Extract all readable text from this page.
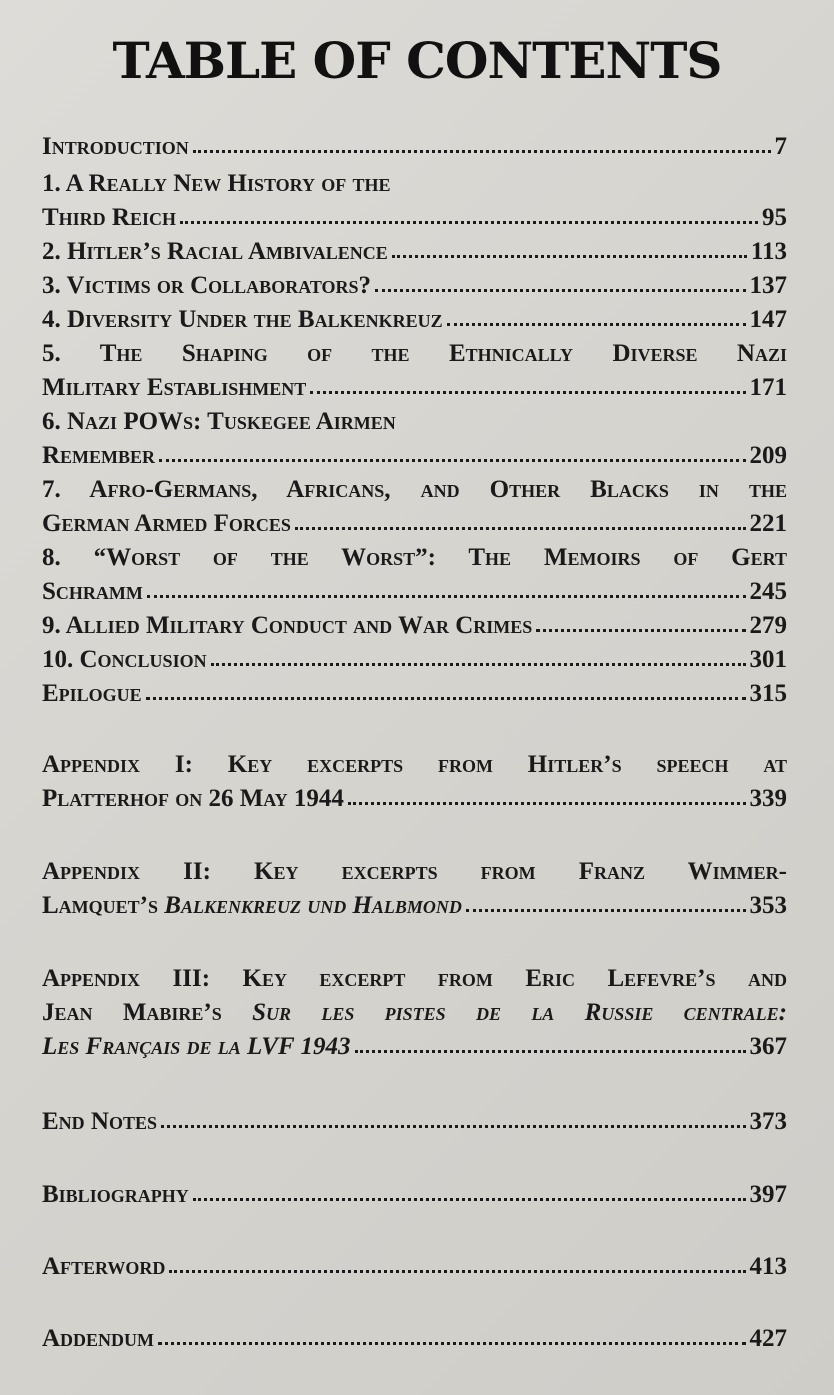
TABLE OF CONTENTS
Introduction	7
1. A Really New History of the
Third Reich	95
2. Hitler’s Racial Ambivalence	113
3. Victims or Collaborators?	137
4. Diversity Under the Balkenkreuz	147
5. The Shaping of the Ethnically Diverse Nazi
Military Establishment	171
6. Nazi POWs: Tuskegee Airmen
Remember	209
7. Afro-Germans, Africans, and Other Blacks in the
German Armed Forces	221
8. “Worst of the Worst”: The Memoirs of Gert
Schramm	245
9. Allied Military Conduct and War Crimes	279
10. Conclusion	301
Epilogue	315
Appendix I: Key excerpts from Hitler’s speech at
Platterhof on 26 May 1944	339
Appendix II: Key excerpts from Franz Wimmer-
Lamquet’s Balkenkreuz und Halbmond	353
Appendix III: Key excerpt from Eric Lefevre’s and
Jean Mabire’s Sur les pistes de la Russie centrale:
Les Français de la LVF 1943	367
End Notes	373
Bibliography	397
Afterword	413
Addendum	427
